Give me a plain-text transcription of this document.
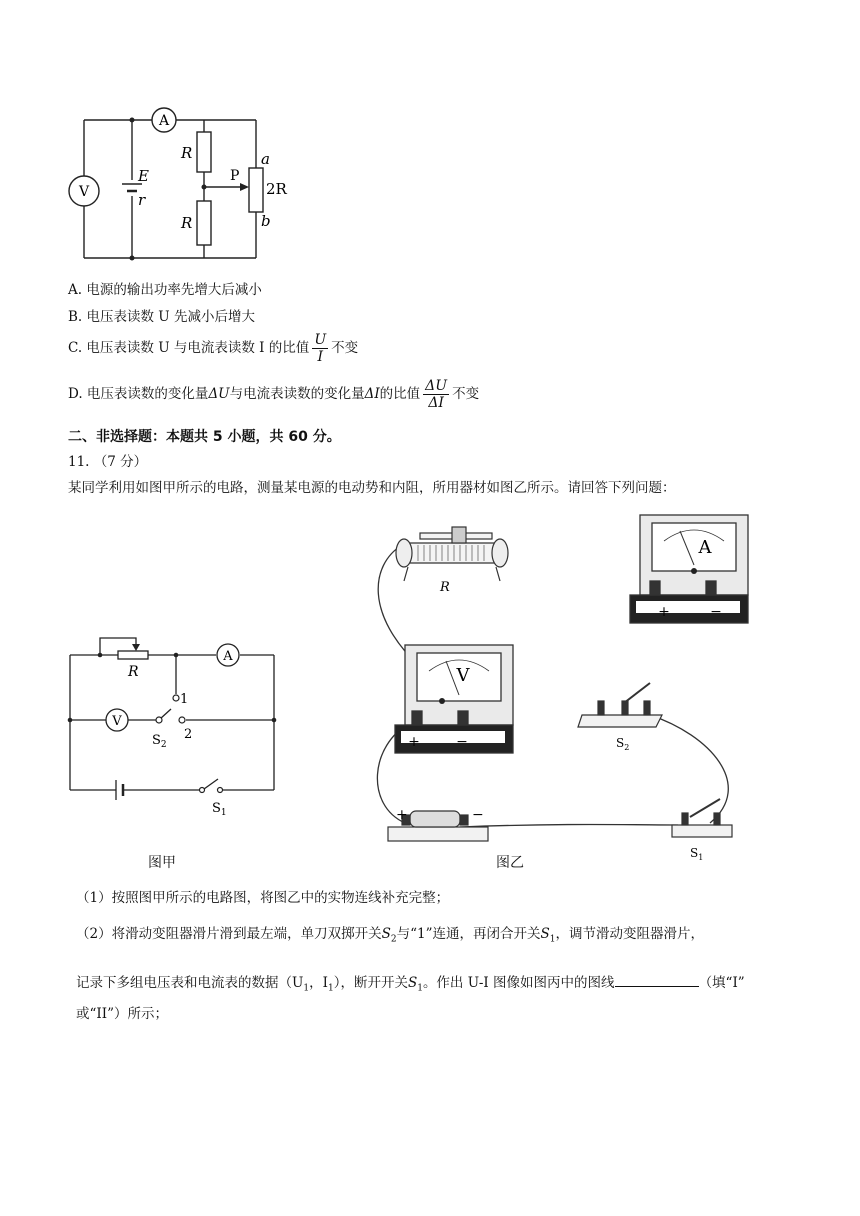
A
V
E
r
R
R
P
a
b
2R
A. 电源的输出功率先增大后减小
B. 电压表读数 U 先减小后增大
C. 电压表读数 U 与电流表读数 I 的比值 $\frac{U}{I}$ 不变
D. 电压表读数的变化量ΔU与电流表读数的变化量ΔI的比值 $\frac{\Delta U}{\Delta I}$ 不变
二、非选择题：本题共 5 小题，共 60 分。
11. （7 分）
某同学利用如图甲所示的电路，测量某电源的电动势和内阻，所用器材如图乙所示。请回答下列问题：
A
V
R
1
2
$S_2$
$S_1$
图甲
R
A
+	−
V
+	−	$S_2$
+	−
$S_1$
图乙
（1）按照图甲所示的电路图，将图乙中的实物连线补充完整；
（2）将滑动变阻器滑片滑到最左端，单刀双掷开关$S_2$与“1”连通，再闭合开关$S_1$，调节滑动变阻器滑片，
记录下多组电压表和电流表的数据（$U_1$，$I_1$），断开开关$S_1$。作出 U-I 图像如图丙中的图线	（填“I”
或“II”）所示；
